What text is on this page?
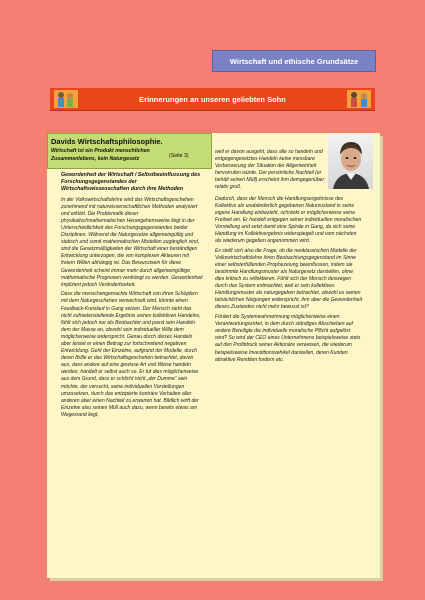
Wirtschaft und ethische Grundsätze
Erinnerungen an unseren geliebten Sohn
Davids Wirtschaftsphilosophie.
Wirtschaft ist ein Produkt menschlichen
Zusammenlebens, kein Naturgesetz	(Seite 3)

Gewordenheit der Wirtschaft / Selbstbeeinflussung des Forschungsgegenstandes der Wirtschaftswissenschaften durch ihre Methoden

In der Volkswirtschaftslehre wird das Wirtschaftsgeschehen zunehmend mit naturwissenschaftlichen Methoden analysiert und erklärt. Die Problematik dieser physikalischmathematischen Herangehensweise liegt in der Unterschiedlichkeit des Forschungsgegenstandes beider Disziplinen. Während die Naturgesetze allgemeingültig und statisch und somit mathematischen Modellen zugänglich sind, sind die Gesetzmäßigkeiten der Wirtschaft einer beständigen Entwicklung unterzogen, die von komplexen Akteuren mit freiem Willen abhängig ist. Das Bewusstsein für diese Gewordenheit scheint immer mehr durch allgemeingültige mathematische Prognosen verdrängt zu werden. Gewordenheit impliziert jedoch Veränderbarkeit.

Dass die menschengemachte Wirtschaft von ihren Schöpfern mit dem Naturgeschehen verwechselt wird, könnte einen Feedback-Kreislauf in Gang setzen. Der Mensch sieht das nicht zufriedenstellende Ergebnis seines kollektiven Handelns, fühlt sich jedoch nur als Beobachter und passt sein Handeln dem der Masse an, obwohl sein individueller Wille dem möglicherweise widerspricht. Genau durch dieses Handeln aber leistet er einen Beitrag zur fortschreitend negativen Entwicklung. Geht der Einzelne, aufgrund der Modelle, durch deren Brille er das Wirtschaftsgeschehen betrachtet, davon aus, dass andere auf eine gewisse Art und Weise handeln werden, handelt er selbst auch so. Er tut dies möglicherweise aus dem Grund, dass er schlicht nicht „der Dumme“ sein möchte, der versucht, seine individuellen Vorstellungen umzusetzen, durch das entzipierte konträre Verhalten aller anderen aber einen Nachteil zu erwarten hat. Bildlich wirft der Einzelne also seinen Müll auch dazu, wenn bereits etwas am Wegesrand liegt,

weil er davon ausgeht, dass alle so handeln und entgegengesetztes Handeln keine messbare Verbesserung der Situation der Allgemeinheit hervorrufen würde. Der persönliche Nachteil (er behält seinen Müll) erscheint ihm demgegenüber relativ groß.

Dadurch, dass der Mensch die Handlungsergebnisse des Kollektivs als unabänderlich gegebenen Naturzustand in seine eigene Handlung einbezieht, schränkt er möglicherweise seine Freiheit ein. Er handelt entgegen seiner individuellen moralischen Vorstellung und setzt damit eine Spirale in Gang, da sich seine Handlung im Kollektivergebnis widerspiegelt und vom nächsten als wiederum gegeben angenommen wird.

Es stellt sich also die Frage, ob die neoklassischen Modelle der Volkswirtschaftslehre ihren Beobachtungsgegenstand im Sinne einer selbsterfüllenden Prophezeiung beeinflussen, indem sie bestimmte Handlungsmuster als Naturgesetz darstellen, ohne dies kritisch zu reflektieren. Fühlt sich der Mensch deswegen durch das System entmachtet, weil er sein kollektives Handlungsmuster als naturgegeben betrachtet, obwohl es seinen tatsächlichen Neigungen widerspricht, ihm aber die Gewordenheit dieses Zustandes nicht mehr bewusst ist?

Fördert die Systemwahrnehmung möglicherweise einen Verantwortungszirkel, in dem durch ständiges Abschieben auf andere Beteiligte die individuelle moralische Pflicht aufgelöst wird? So wird der CEO eines Unternehmens beispielsweise stets auf den Profitdruck seiner Aktionäre verweisen, die wiederum beispielsweise Investitionsvehikel darstellen, deren Kunden attraktive Renditen fordern etc.
